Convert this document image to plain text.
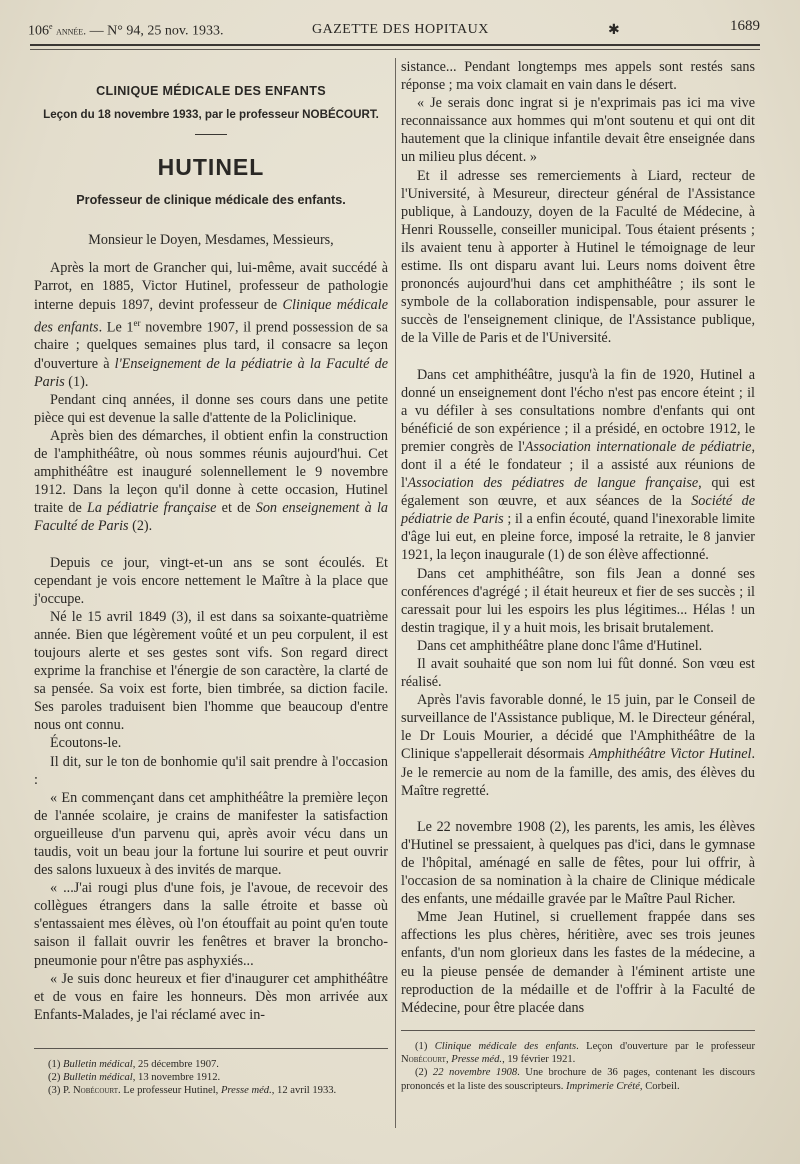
106e année. — N° 94, 25 nov. 1933.	GAZETTE DES HOPITAUX	✱	1689

CLINIQUE MÉDICALE DES ENFANTS

Leçon du 18 novembre 1933, par le professeur NOBÉCOURT.

HUTINEL

Professeur de clinique médicale des enfants.

Monsieur le Doyen, Mesdames, Messieurs,

Après la mort de Grancher qui, lui-même, avait succédé à Parrot, en 1885, Victor Hutinel, professeur de pathologie interne depuis 1897, devint professeur de Clinique médicale des enfants. Le 1er novembre 1907, il prend possession de sa chaire ; quelques semaines plus tard, il consacre sa leçon d'ouverture à l'Enseignement de la pédiatrie à la Faculté de Paris (1).

Pendant cinq années, il donne ses cours dans une petite pièce qui est devenue la salle d'attente de la Policlinique.

Après bien des démarches, il obtient enfin la construction de l'amphithéâtre, où nous sommes réunis aujourd'hui. Cet amphithéâtre est inauguré solennellement le 9 novembre 1912. Dans la leçon qu'il donne à cette occasion, Hutinel traite de La pédiatrie française et de Son enseignement à la Faculté de Paris (2).

Depuis ce jour, vingt-et-un ans se sont écoulés. Et cependant je vois encore nettement le Maître à la place que j'occupe.

Né le 15 avril 1849 (3), il est dans sa soixante-quatrième année. Bien que légèrement voûté et un peu corpulent, il est toujours alerte et ses gestes sont vifs. Son regard direct exprime la franchise et l'énergie de son caractère, la clarté de sa pensée. Sa voix est forte, bien timbrée, sa diction facile. Ses paroles traduisent bien l'homme que beaucoup d'entre nous ont connu.

Écoutons-le.

Il dit, sur le ton de bonhomie qu'il sait prendre à l'occasion :

« En commençant dans cet amphithéâtre la première leçon de l'année scolaire, je crains de manifester la satisfaction orgueilleuse d'un parvenu qui, après avoir vécu dans un taudis, voit un beau jour la fortune lui sourire et peut ouvrir des salons luxueux à des invités de marque.

« ...J'ai rougi plus d'une fois, je l'avoue, de recevoir des collègues étrangers dans la salle étroite et basse où s'entassaient mes élèves, où l'on étouffait au point qu'en toute saison il fallait ouvrir les fenêtres et braver la broncho-pneumonie pour n'être pas asphyxiés...

« Je suis donc heureux et fier d'inaugurer cet amphithéâtre et de vous en faire les honneurs. Dès mon arrivée aux Enfants-Malades, je l'ai réclamé avec in-

sistance... Pendant longtemps mes appels sont restés sans réponse ; ma voix clamait en vain dans le désert.

« Je serais donc ingrat si je n'exprimais pas ici ma vive reconnaissance aux hommes qui m'ont soutenu et qui ont dit hautement que la clinique infantile devait être enseignée dans un milieu plus décent. »

Et il adresse ses remerciements à Liard, recteur de l'Université, à Mesureur, directeur général de l'Assistance publique, à Landouzy, doyen de la Faculté de Médecine, à Henri Rousselle, conseiller municipal. Tous étaient présents ; ils avaient tenu à apporter à Hutinel le témoignage de leur estime. Ils ont disparu avant lui. Leurs noms doivent être prononcés aujourd'hui dans cet amphithéâtre ; ils sont le symbole de la collaboration indispensable, pour assurer le succès de l'enseignement clinique, de l'Assistance publique, de la Ville de Paris et de l'Université.

Dans cet amphithéâtre, jusqu'à la fin de 1920, Hutinel a donné un enseignement dont l'écho n'est pas encore éteint ; il a vu défiler à ses consultations nombre d'enfants qui ont bénéficié de son expérience ; il a présidé, en octobre 1912, le premier congrès de l'Association internationale de pédiatrie, dont il a été le fondateur ; il a assisté aux réunions de l'Association des pédiatres de langue française, qui est également son œuvre, et aux séances de la Société de pédiatrie de Paris ; il a enfin écouté, quand l'inexorable limite d'âge lui eut, en pleine force, imposé la retraite, le 8 janvier 1921, la leçon inaugurale (1) de son élève affectionné.

Dans cet amphithéâtre, son fils Jean a donné ses conférences d'agrégé ; il était heureux et fier de ses succès ; il caressait pour lui les espoirs les plus légitimes... Hélas ! un destin tragique, il y a huit mois, les brisait brutalement.

Dans cet amphithéâtre plane donc l'âme d'Hutinel.

Il avait souhaité que son nom lui fût donné. Son vœu est réalisé.

Après l'avis favorable donné, le 15 juin, par le Conseil de surveillance de l'Assistance publique, M. le Directeur général, le Dr Louis Mourier, a décidé que l'Amphithéâtre de la Clinique s'appellerait désormais Amphithéâtre Victor Hutinel. Je le remercie au nom de la famille, des amis, des élèves du Maître regretté.

Le 22 novembre 1908 (2), les parents, les amis, les élèves d'Hutinel se pressaient, à quelques pas d'ici, dans le gymnase de l'hôpital, aménagé en salle de fêtes, pour lui offrir, à l'occasion de sa nomination à la chaire de Clinique médicale des enfants, une médaille gravée par le Maître Paul Richer.

Mme Jean Hutinel, si cruellement frappée dans ses affections les plus chères, héritière, avec ses trois jeunes enfants, d'un nom glorieux dans les fastes de la médecine, a eu la pieuse pensée de demander à l'éminent artiste une reproduction de la médaille et de l'offrir à la Faculté de Médecine, pour être placée dans

(1) Bulletin médical, 25 décembre 1907.

(2) Bulletin médical, 13 novembre 1912.

(3) P. Nobécourt. Le professeur Hutinel, Presse méd., 12 avril 1933.

(1) Clinique médicale des enfants. Leçon d'ouverture par le professeur Nobécourt, Presse méd., 19 février 1921.

(2) 22 novembre 1908. Une brochure de 36 pages, contenant les discours prononcés et la liste des souscripteurs. Imprimerie Crété, Corbeil.
